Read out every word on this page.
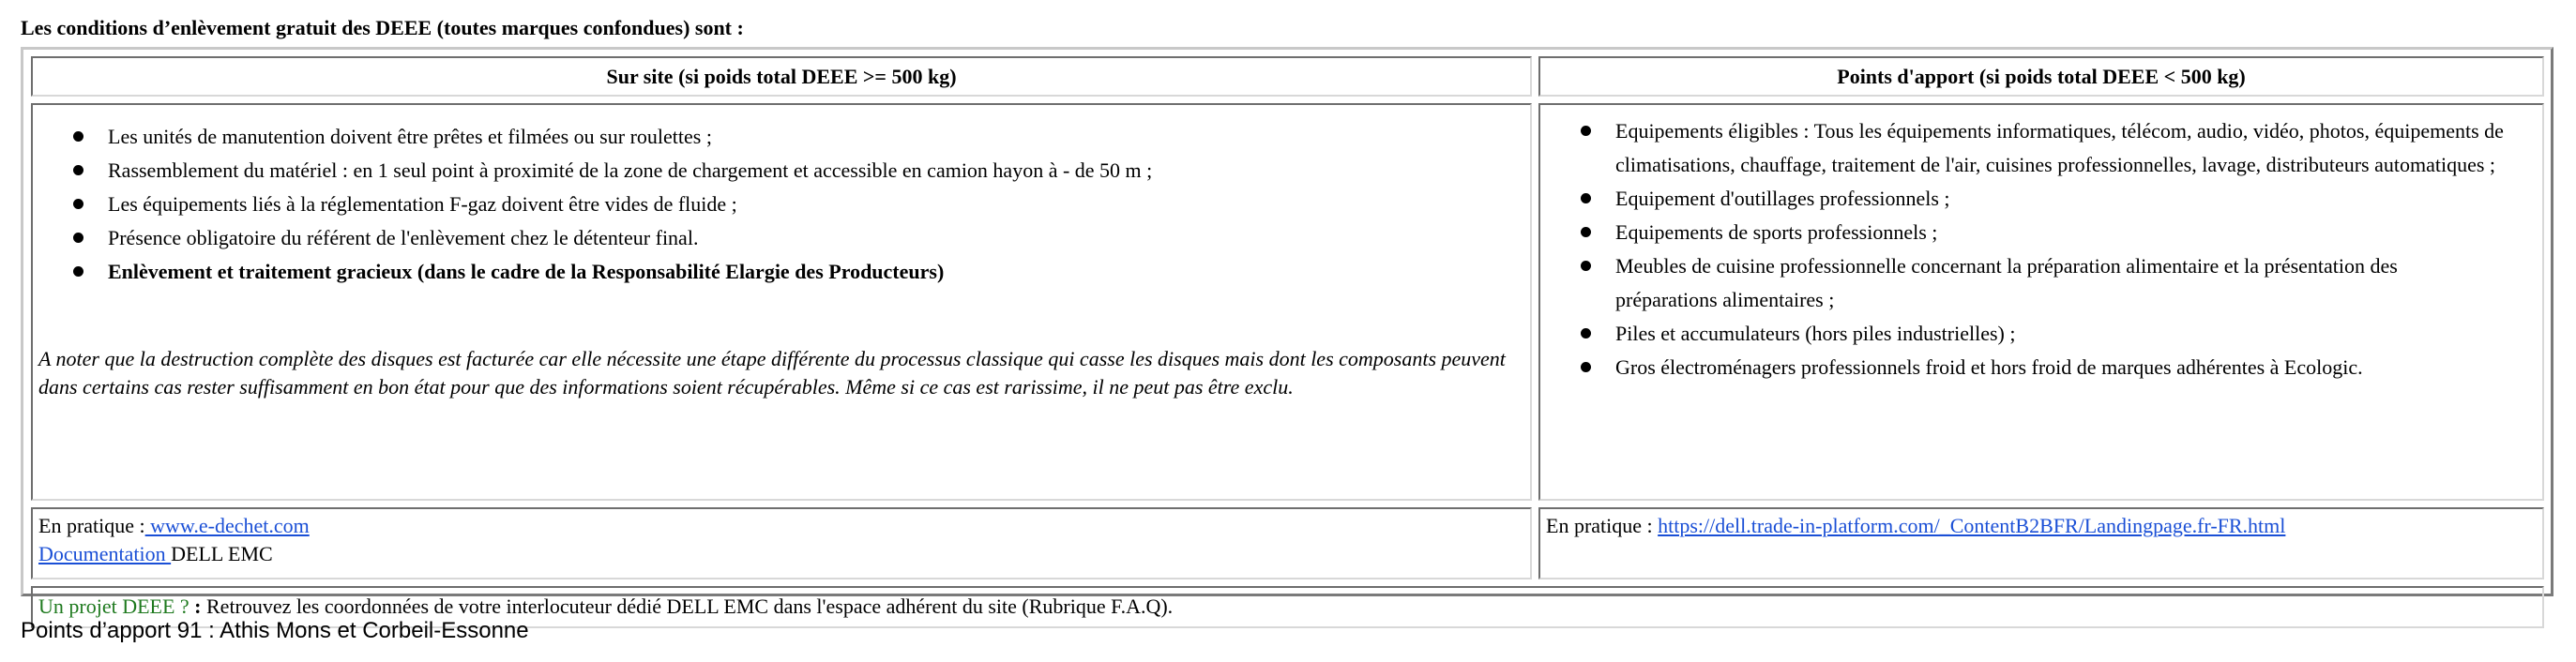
Les conditions d’enlèvement gratuit des DEEE (toutes marques confondues) sont :
Sur site (si poids total DEEE >= 500 kg)	Points d'apport (si poids total DEEE < 500 kg)
Les unités de manutention doivent être prêtes et filmées ou sur roulettes ;
Rassemblement du matériel : en 1 seul point à proximité de la zone de chargement et accessible en camion hayon à - de 50 m ;
Les équipements liés à la réglementation F-gaz doivent être vides de fluide ;
Présence obligatoire du référent de l'enlèvement chez le détenteur final.
Enlèvement et traitement gracieux (dans le cadre de la Responsabilité Elargie des Producteurs)
A noter que la destruction complète des disques est facturée car elle nécessite une étape différente du processus classique qui casse les disques mais dont les composants peuvent dans certains cas rester suffisamment en bon état pour que des informations soient récupérables. Même si ce cas est rarissime, il ne peut pas être exclu.
Equipements éligibles : Tous les équipements informatiques, télécom, audio, vidéo, photos, équipements de climatisations, chauffage, traitement de l'air, cuisines professionnelles, lavage, distributeurs automatiques ;
Equipement d'outillages professionnels ;
Equipements de sports professionnels ;
Meubles de cuisine professionnelle concernant la préparation alimentaire et la présentation des préparations alimentaires ;
Piles et accumulateurs (hors piles industrielles) ;
Gros électroménagers professionnels froid et hors froid de marques adhérentes à Ecologic.
En pratique : www.e-dechet.com
Documentation DELL EMC
En pratique : https://dell.trade-in-platform.com/_ContentB2BFR/Landingpage.fr-FR.html
Un projet DEEE ? : Retrouvez les coordonnées de votre interlocuteur dédié DELL EMC dans l'espace adhérent du site (Rubrique F.A.Q).
Points d’apport 91 : Athis Mons et Corbeil-Essonne
